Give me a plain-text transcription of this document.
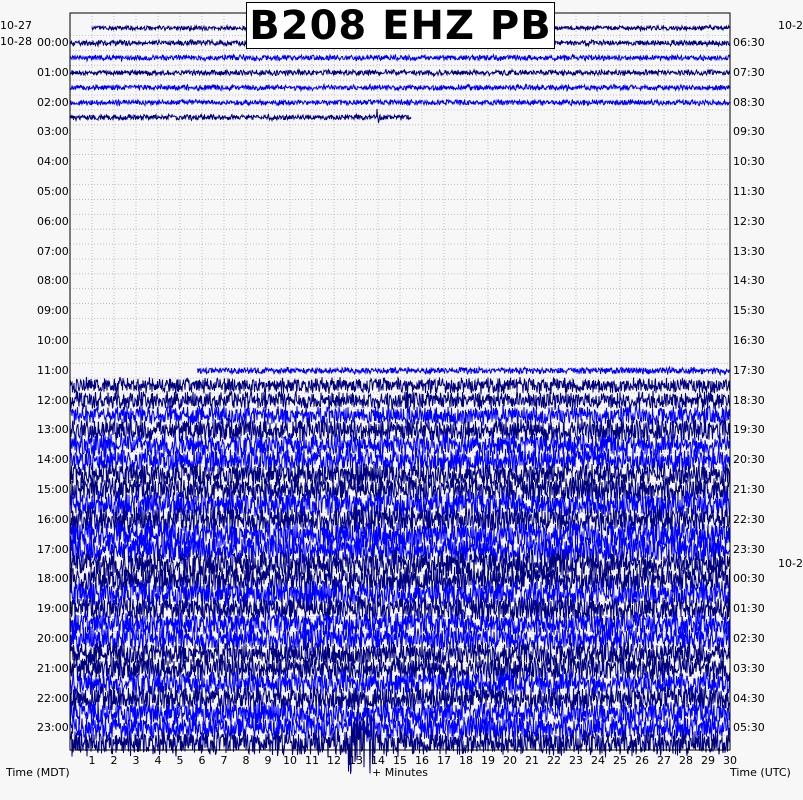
B208 EHZ PB
10-27
10-28
10-2
10-2
00:00
01:00
02:00
03:00
04:00
05:00
06:00
07:00
08:00
09:00
10:00
11:00
12:00
13:00
14:00
15:00
16:00
17:00
18:00
19:00
20:00
21:00
22:00
23:00
06:30
07:30
08:30
09:30
10:30
11:30
12:30
13:30
14:30
15:30
16:30
17:30
18:30
19:30
20:30
21:30
22:30
23:30
00:30
01:30
02:30
03:30
04:30
05:30
1 2 3 4 5 6 7 8 9 10 11 12 13 14 15 16 17 18 19 20 21 22 23 24 25 26 27 28 29 30
Time (MDT)	+ Minutes	Time (UTC)
